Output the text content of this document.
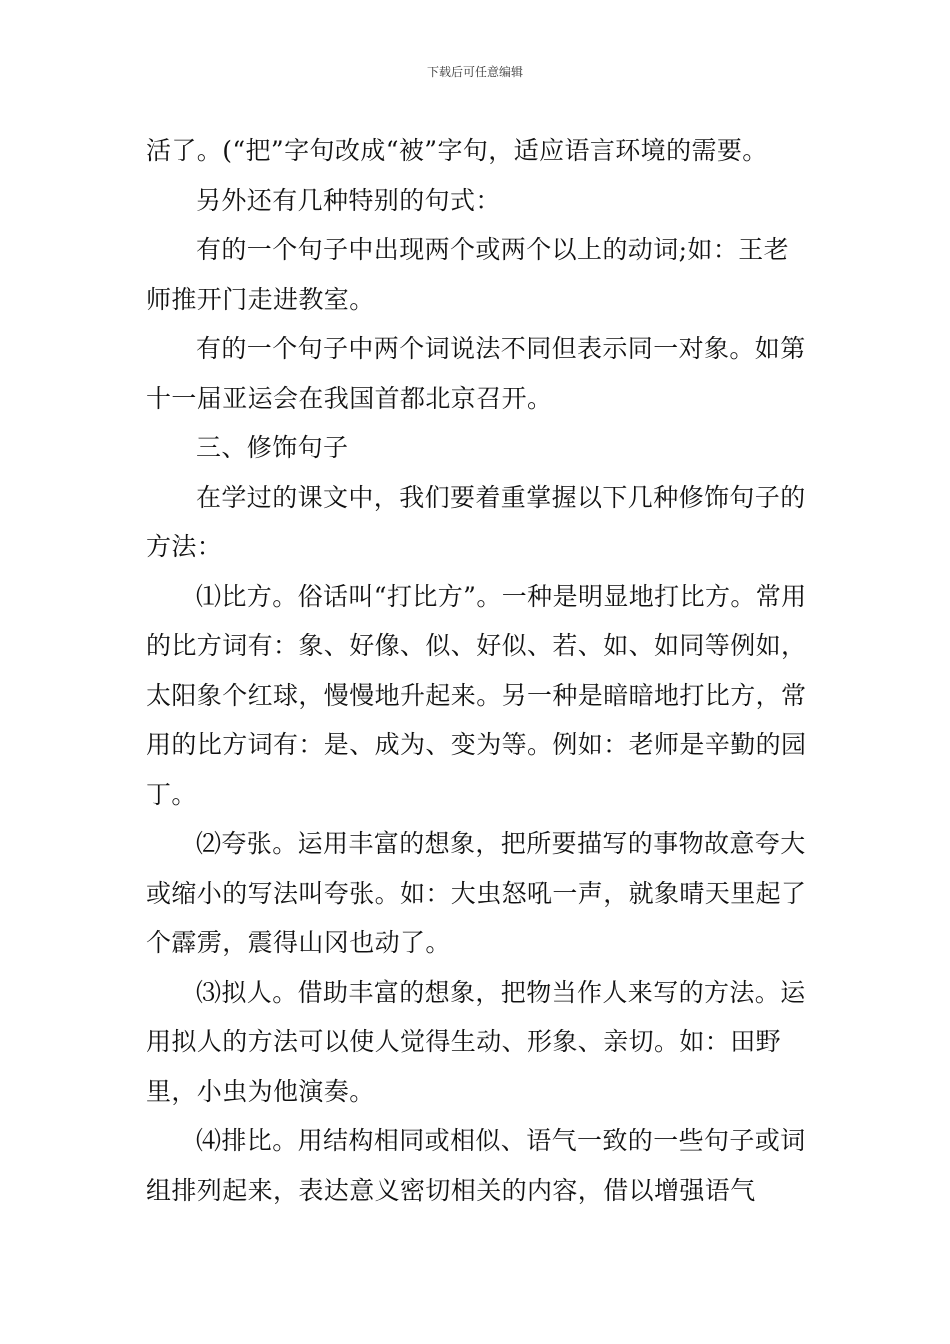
下载后可任意编辑

活了。(“把”字句改成“被”字句，适应语言环境的需要。

另外还有几种特别的句式：

有的一个句子中出现两个或两个以上的动词;如：王老师推开门走进教室。

有的一个句子中两个词说法不同但表示同一对象。如第十一届亚运会在我国首都北京召开。

三、修饰句子

在学过的课文中，我们要着重掌握以下几种修饰句子的方法：

⑴比方。俗话叫“打比方”。一种是明显地打比方。常用的比方词有：象、好像、似、好似、若、如、如同等例如，太阳象个红球，慢慢地升起来。另一种是暗暗地打比方，常用的比方词有：是、成为、变为等。例如：老师是辛勤的园丁。

⑵夸张。运用丰富的想象，把所要描写的事物故意夸大或缩小的写法叫夸张。如：大虫怒吼一声，就象晴天里起了个霹雳，震得山冈也动了。

⑶拟人。借助丰富的想象，把物当作人来写的方法。运用拟人的方法可以使人觉得生动、形象、亲切。如：田野里，小虫为他演奏。

⑷排比。用结构相同或相似、语气一致的一些句子或词组排列起来，表达意义密切相关的内容，借以增强语气
